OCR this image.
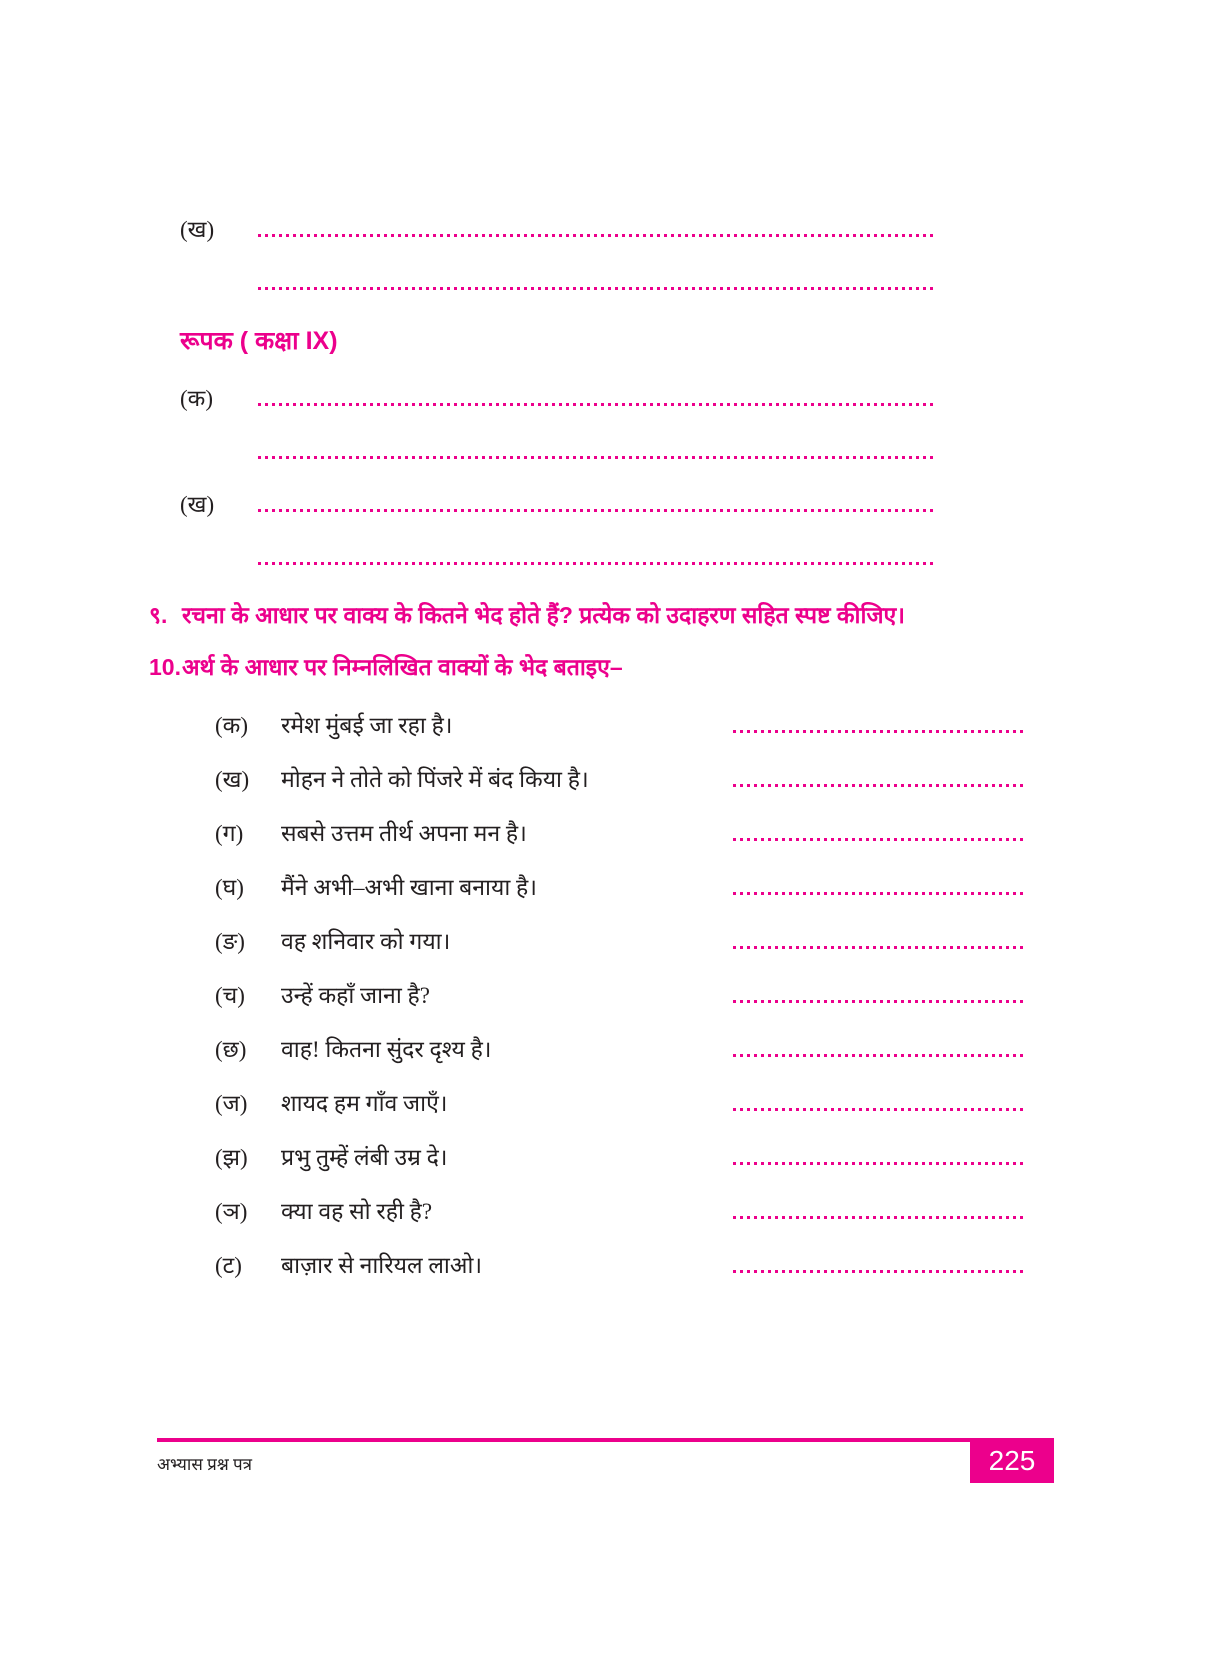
(ख)
रूपक ( कक्षा IX)
(क)
(ख)
९. रचना के आधार पर वाक्य के कितने भेद होते हैं? प्रत्येक को उदाहरण सहित स्पष्ट कीजिए।
10. अर्थ के आधार पर निम्नलिखित वाक्यों के भेद बताइए–
(क)	रमेश मुंबई जा रहा है।
(ख)	मोहन ने तोते को पिंजरे में बंद किया है।
(ग)	सबसे उत्तम तीर्थ अपना मन है।
(घ)	मैंने अभी–अभी खाना बनाया है।
(ङ)	वह शनिवार को गया।
(च)	उन्हें कहाँ जाना है?
(छ)	वाह! कितना सुंदर दृश्य है।
(ज)	शायद हम गाँव जाएँ।
(झ)	प्रभु तुम्हें लंबी उम्र दे।
(ञ)	क्या वह सो रही है?
(ट)	बाज़ार से नारियल लाओ।
अभ्यास प्रश्न पत्र	225
